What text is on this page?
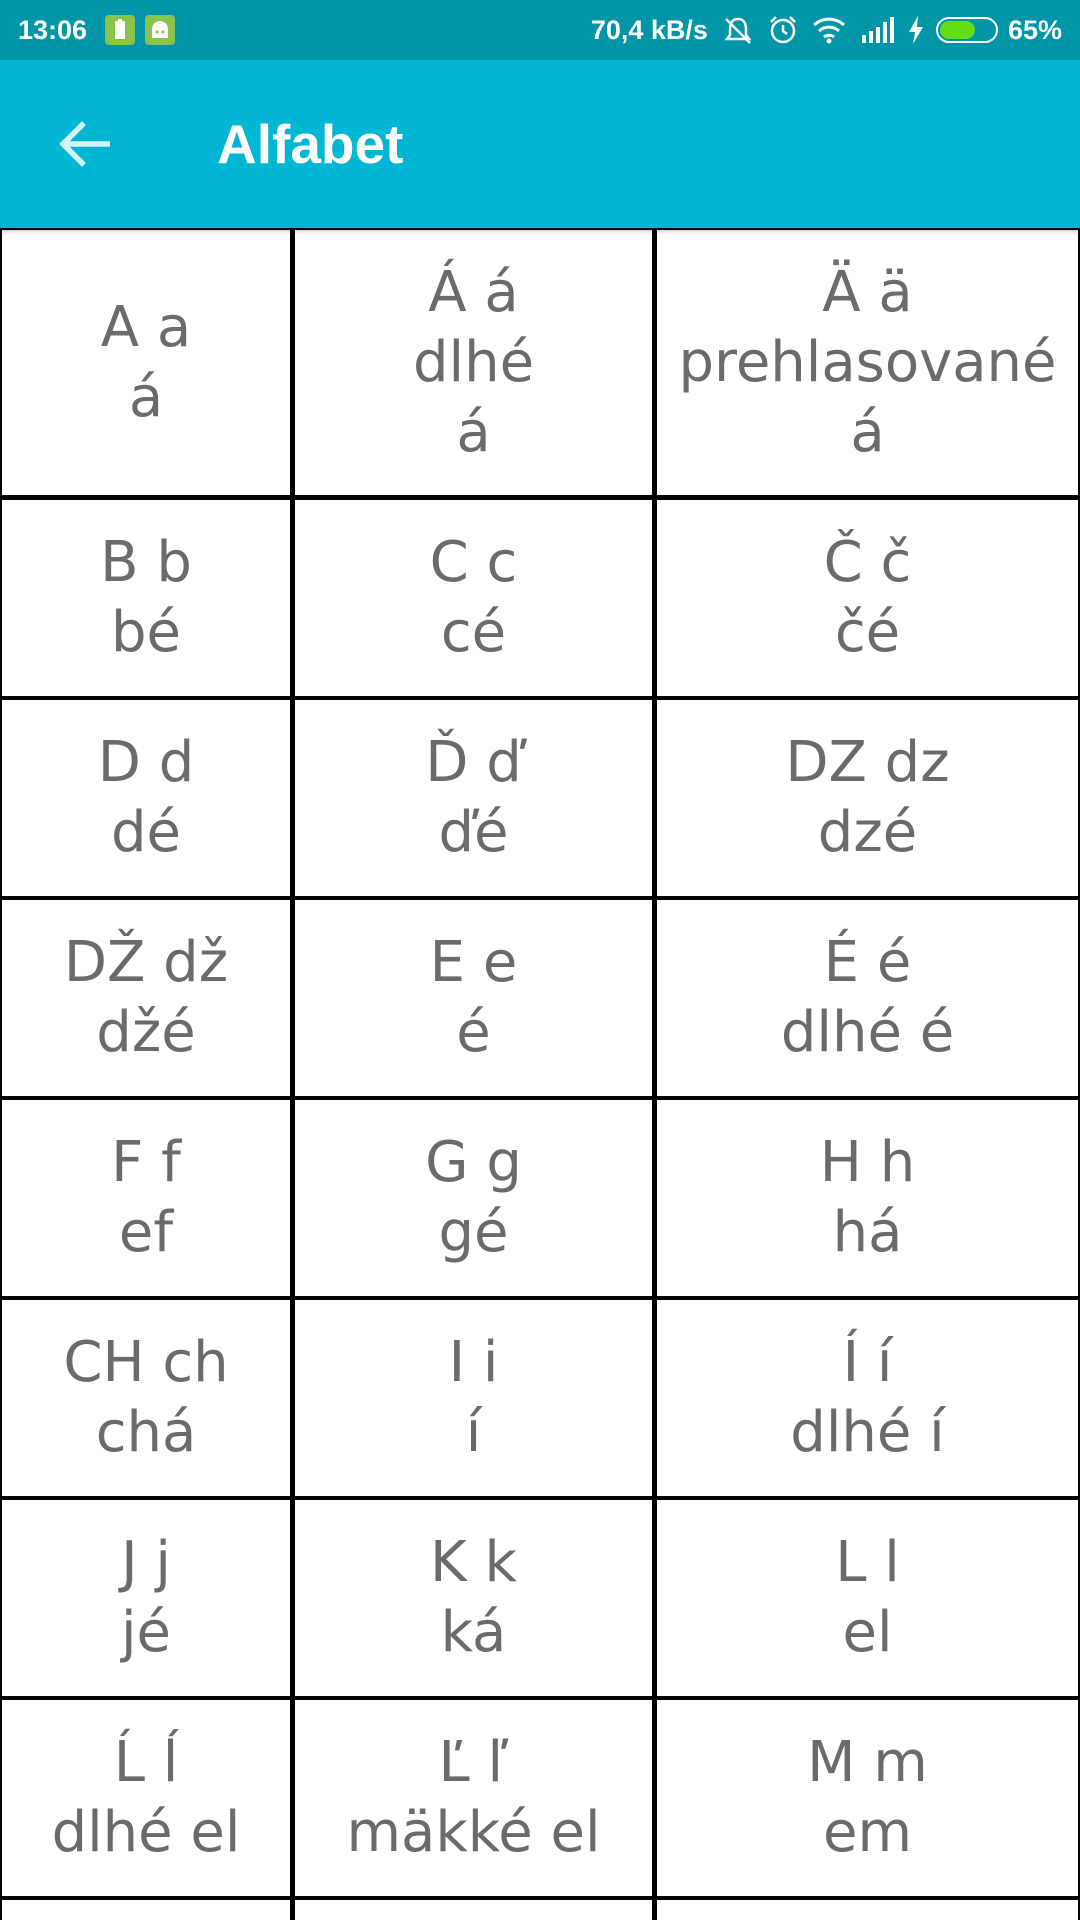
13:06	70,4 kB/s	65%
Alfabet
A a
á
Á á
dlhé
á
Ä ä
prehlasované
á
B b
bé
C c
cé
Č č
čé
D d
dé
Ď ď
ďé
DZ dz
dzé
DŽ dž
džé
E e
é
É é
dlhé é
F f
ef
G g
gé
H h
há
CH ch
chá
I i
í
Í í
dlhé í
J j
jé
K k
ká
L l
el
Ĺ ĺ
dlhé el
Ľ ľ
mäkké el
M m
em
